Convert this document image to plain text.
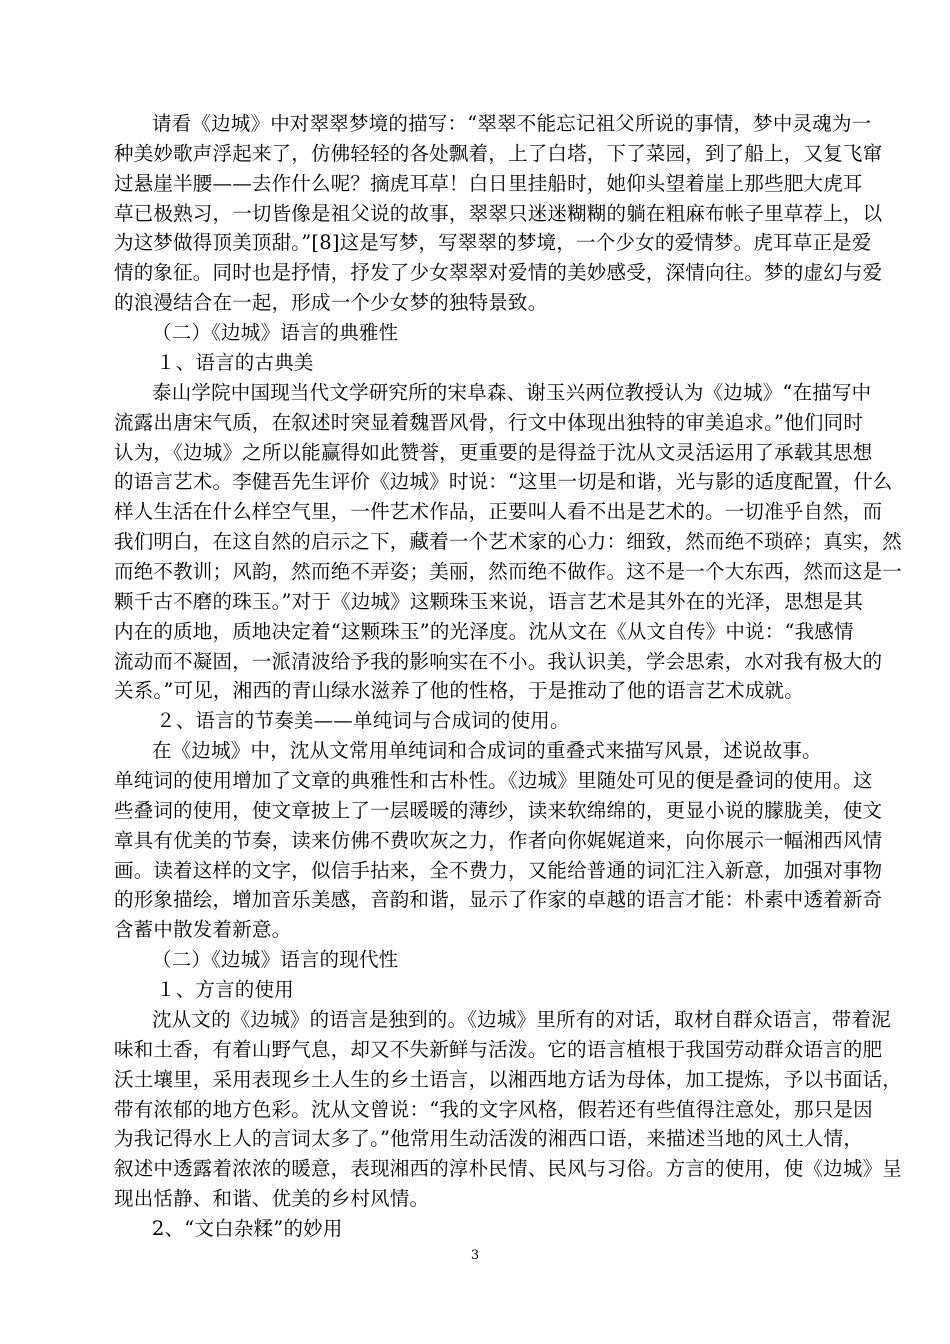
请看《边城》中对翠翠梦境的描写：“翠翠不能忘记祖父所说的事情，梦中灵魂为一
种美妙歌声浮起来了，仿佛轻轻的各处飘着，上了白塔，下了菜园，到了船上，又复飞窜
过悬崖半腰——去作什么呢？摘虎耳草！白日里挂船时，她仰头望着崖上那些肥大虎耳
草已极熟习，一切皆像是祖父说的故事，翠翠只迷迷糊糊的躺在粗麻布帐子里草荐上，以
为这梦做得顶美顶甜。”[8]这是写梦，写翠翠的梦境，一个少女的爱情梦。虎耳草正是爱
情的象征。同时也是抒情，抒发了少女翠翠对爱情的美妙感受，深情向往。梦的虚幻与爱
的浪漫结合在一起，形成一个少女梦的独特景致。
（二）《边城》语言的典雅性
１、语言的古典美
泰山学院中国现当代文学研究所的宋阜森、谢玉兴两位教授认为《边城》“在描写中
流露出唐宋气质，在叙述时突显着魏晋风骨，行文中体现出独特的审美追求。”他们同时
认为，《边城》之所以能赢得如此赞誉，更重要的是得益于沈从文灵活运用了承载其思想
的语言艺术。李健吾先生评价《边城》时说：“这里一切是和谐，光与影的适度配置，什么
样人生活在什么样空气里，一件艺术作品，正要叫人看不出是艺术的。一切准乎自然，而
我们明白，在这自然的启示之下，藏着一个艺术家的心力：细致，然而绝不琐碎；真实，然
而绝不教训；风韵，然而绝不弄姿；美丽，然而绝不做作。这不是一个大东西，然而这是一
颗千古不磨的珠玉。”对于《边城》这颗珠玉来说，语言艺术是其外在的光泽，思想是其
内在的质地，质地决定着“这颗珠玉”的光泽度。沈从文在《从文自传》中说：“我感情
流动而不凝固，一派清波给予我的影响实在不小。我认识美，学会思索，水对我有极大的
关系。”可见，湘西的青山绿水滋养了他的性格，于是推动了他的语言艺术成就。
２、语言的节奏美——单纯词与合成词的使用。
在《边城》中，沈从文常用单纯词和合成词的重叠式来描写风景，述说故事。
单纯词的使用增加了文章的典雅性和古朴性。《边城》里随处可见的便是叠词的使用。这
些叠词的使用，使文章披上了一层暖暖的薄纱，读来软绵绵的，更显小说的朦胧美，使文
章具有优美的节奏，读来仿佛不费吹灰之力，作者向你娓娓道来，向你展示一幅湘西风情
画。读着这样的文字，似信手拈来，全不费力，又能给普通的词汇注入新意，加强对事物
的形象描绘，增加音乐美感，音韵和谐，显示了作家的卓越的语言才能：朴素中透着新奇
含蓄中散发着新意。
（二）《边城》语言的现代性
１、方言的使用
沈从文的《边城》的语言是独到的。《边城》里所有的对话，取材自群众语言，带着泥
味和土香，有着山野气息，却又不失新鲜与活泼。它的语言植根于我国劳动群众语言的肥
沃土壤里，采用表现乡土人生的乡土语言，以湘西地方话为母体，加工提炼，予以书面话，
带有浓郁的地方色彩。沈从文曾说：“我的文字风格，假若还有些值得注意处，那只是因
为我记得水上人的言词太多了。”他常用生动活泼的湘西口语，来描述当地的风土人情，
叙述中透露着浓浓的暖意，表现湘西的淳朴民情、民风与习俗。方言的使用，使《边城》呈
现出恬静、和谐、优美的乡村风情。
2、“文白杂糅”的妙用
3
